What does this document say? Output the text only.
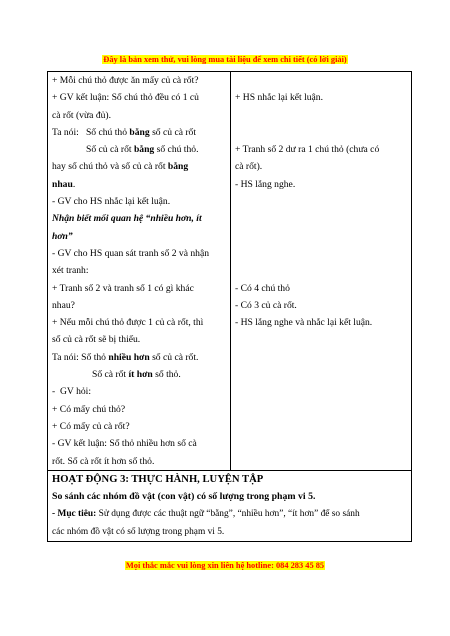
Đây là bản xem thử, vui lòng mua tài liệu để xem chi tiết (có lời giải)
+ Mỗi chú thỏ được ăn mấy củ cà rốt?
+ GV kết luận: Số chú thỏ đều có 1 củ
cà rốt (vừa đủ).
Ta nói:   Số chú thỏ bằng số củ cà rốt
Số củ cà rốt bằng số chú thỏ.
hay số chú thỏ và số củ cà rốt bằng
nhau.
- GV cho HS nhắc lại kết luận.
Nhận biết mối quan hệ “nhiều hơn, ít
hơn”
- GV cho HS quan sát tranh số 2 và nhận
xét tranh:
+ Tranh số 2 và tranh số 1 có gì khác
nhau?
+ Nếu mỗi chú thỏ được 1 củ cà rốt, thì
số củ cà rốt sẽ bị thiếu.
Ta nói: Số thỏ nhiều hơn số củ cà rốt.
Số cà rốt ít hơn số thỏ.
-  GV hỏi:
+ Có mấy chú thỏ?
+ Có mấy củ cà rốt?
- GV kết luận: Số thỏ nhiều hơn số cà
rốt. Số cà rốt ít hơn số thỏ.

+ HS nhắc lại kết luận.
+ Tranh số 2 dư ra 1 chú thỏ (chưa có
cà rốt).
- HS lắng nghe.
- Có 4 chú thỏ
- Có 3 củ cà rốt.
- HS lắng nghe và nhắc lại kết luận.

HOẠT ĐỘNG 3: THỰC HÀNH, LUYỆN TẬP
So sánh các nhóm đồ vật (con vật) có số lượng trong phạm vi 5.
- Mục tiêu: Sử dụng được các thuật ngữ “bằng”, “nhiều hơn”, “ít hơn” để so sánh
các nhóm đồ vật có số lượng trong phạm vi 5.
Mọi thắc mắc vui lòng xin liên hệ hotline: 084 283 45 85
